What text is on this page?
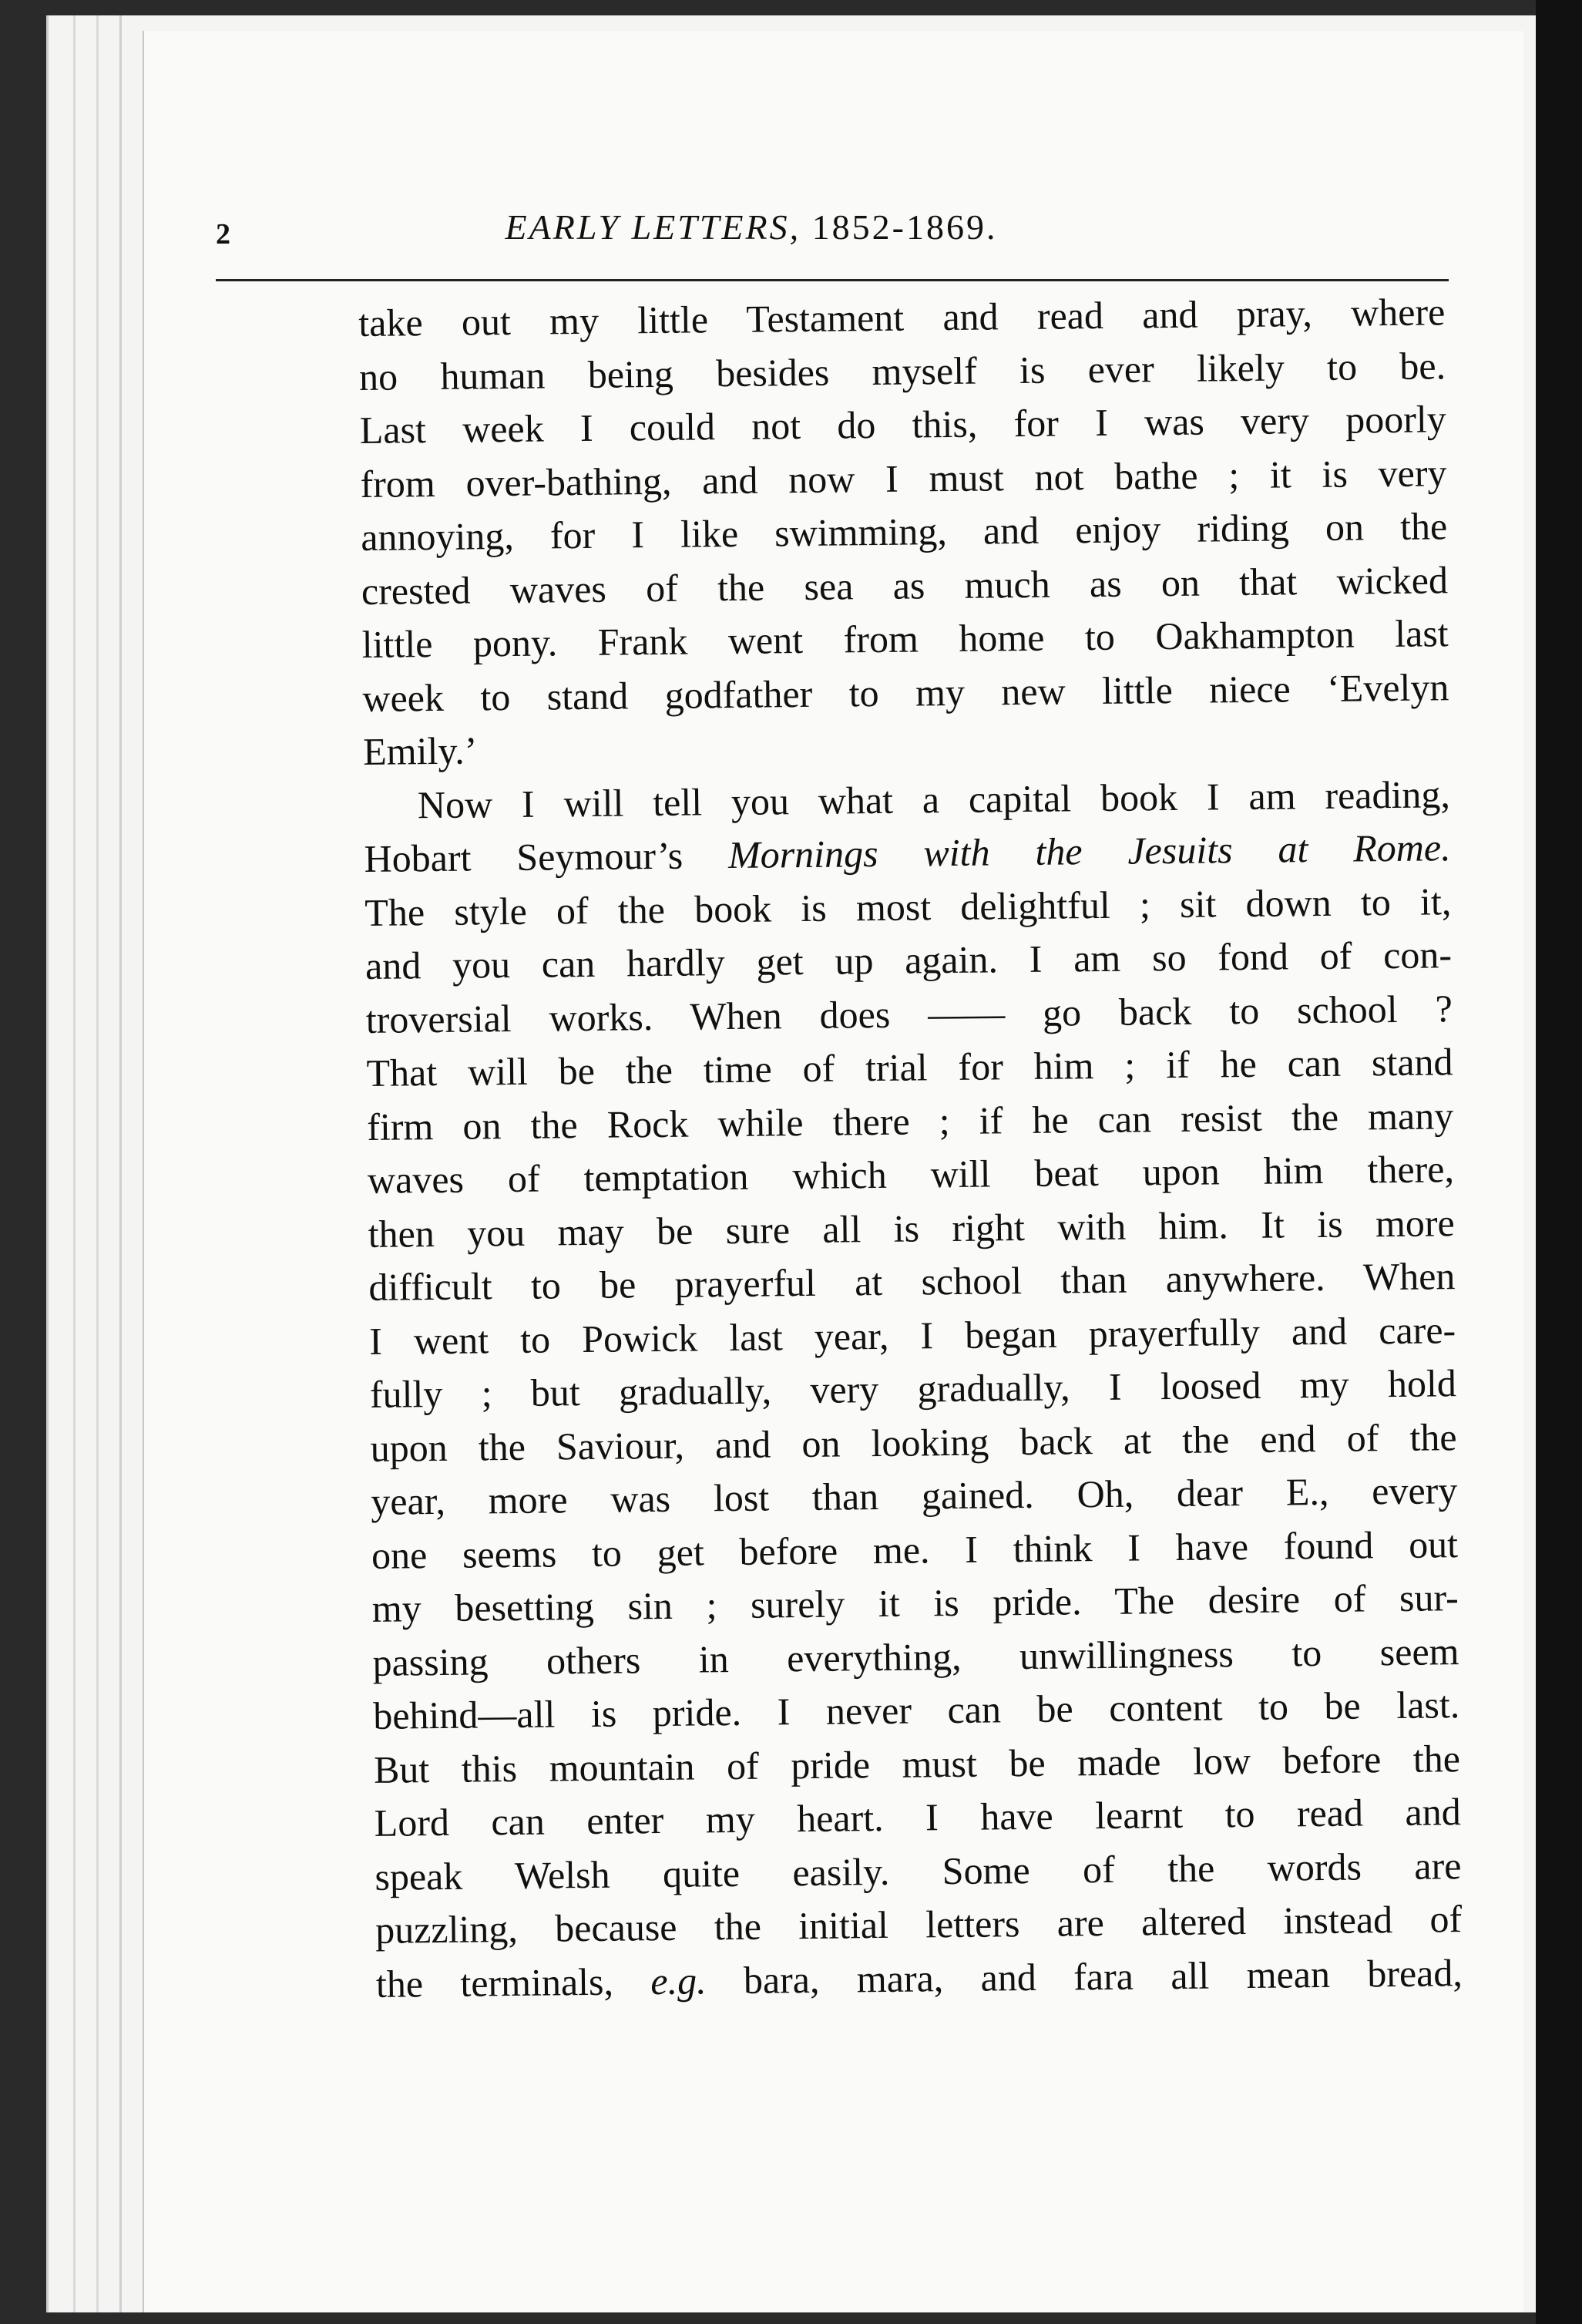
2	EARLY LETTERS, 1852-1869.
take out my little Testament and read and pray, where
no human being besides myself is ever likely to be.
Last week I could not do this, for I was very poorly
from over-bathing, and now I must not bathe ; it is very
annoying, for I like swimming, and enjoy riding on the
crested waves of the sea as much as on that wicked
little pony. Frank went from home to Oakhampton last
week to stand godfather to my new little niece ‘Evelyn
Emily.’
Now I will tell you what a capital book I am reading,
Hobart Seymour’s Mornings with the Jesuits at Rome.
The style of the book is most delightful ; sit down to it,
and you can hardly get up again. I am so fond of con-
troversial works. When does —— go back to school ?
That will be the time of trial for him ; if he can stand
firm on the Rock while there ; if he can resist the many
waves of temptation which will beat upon him there,
then you may be sure all is right with him. It is more
difficult to be prayerful at school than anywhere. When
I went to Powick last year, I began prayerfully and care-
fully ; but gradually, very gradually, I loosed my hold
upon the Saviour, and on looking back at the end of the
year, more was lost than gained. Oh, dear E., every
one seems to get before me. I think I have found out
my besetting sin ; surely it is pride. The desire of sur-
passing others in everything, unwillingness to seem
behind—all is pride. I never can be content to be last.
But this mountain of pride must be made low before the
Lord can enter my heart. I have learnt to read and
speak Welsh quite easily. Some of the words are
puzzling, because the initial letters are altered instead of
the terminals, e.g. bara, mara, and fara all mean bread,
